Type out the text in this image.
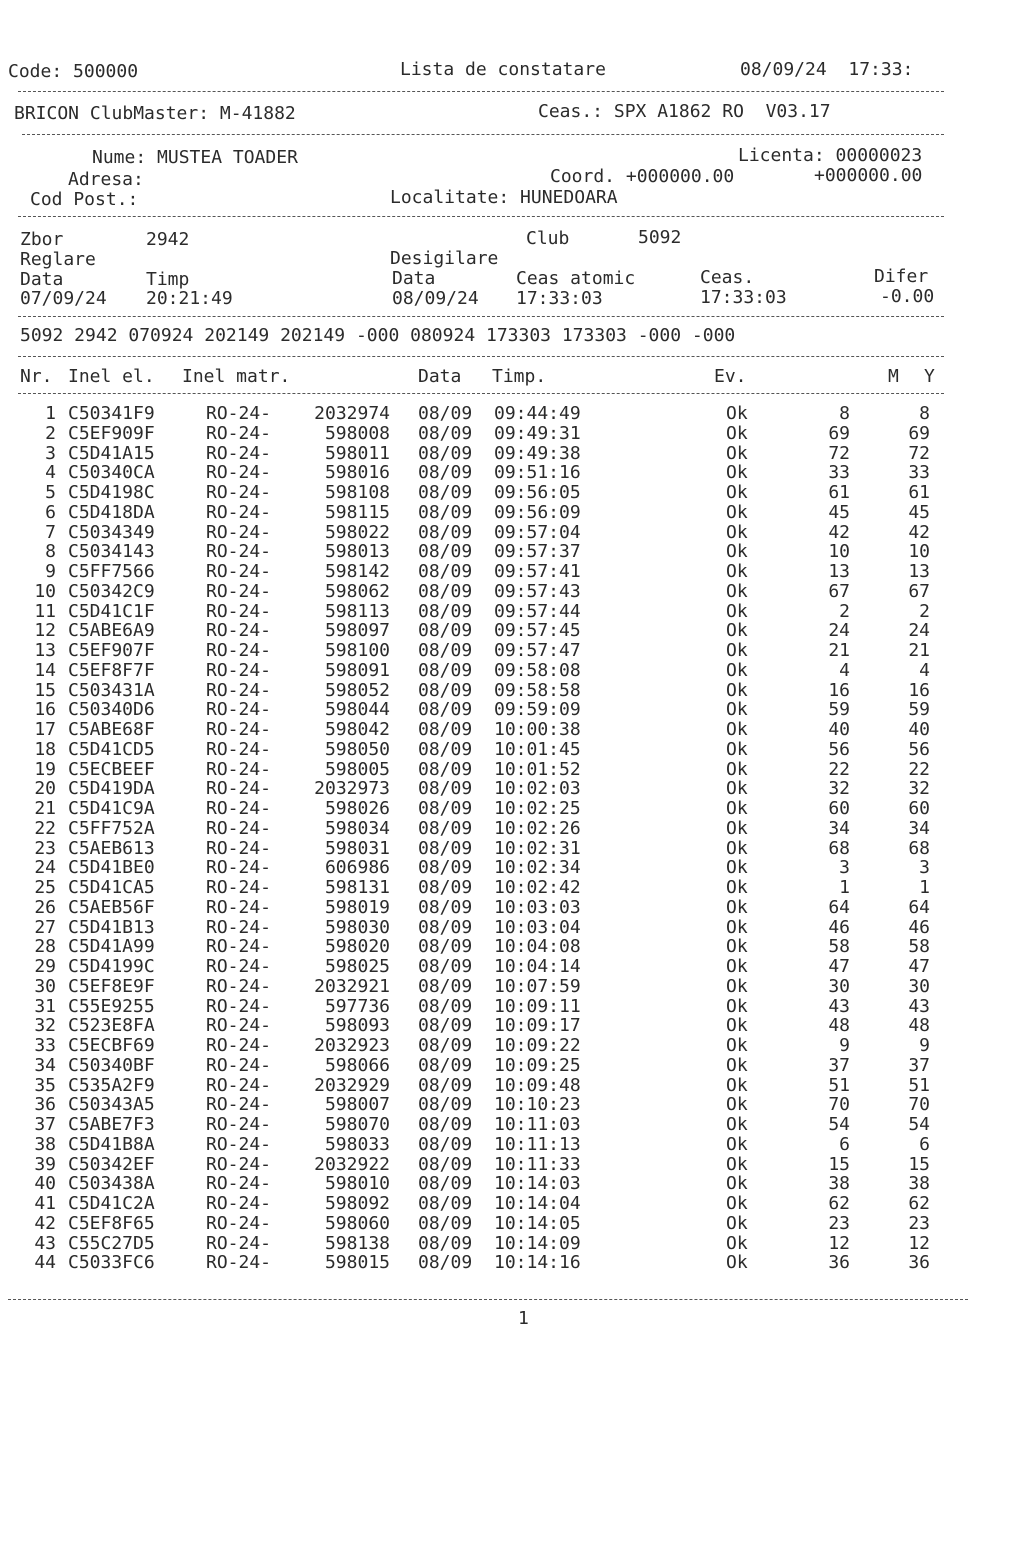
Code: 500000	Lista de constatare	08/09/24  17:33:
BRICON ClubMaster: M-41882	Ceas.: SPX A1862 RO  V03.17
Nume: MUSTEA TOADER	Licenta: 00000023
Adresa:	Coord. +000000.00	+000000.00
Cod Post.:	Localitate: HUNEDOARA
Zbor	2942	Club	5092
Reglare	Desigilare
Data	Timp	Data	Ceas atomic	Ceas.	Difer
07/09/24 20:21:49	08/09/24 17:33:03	17:33:03	-0.00
5092 2942 070924 202149 202149 -000 080924 173303 173303 -000 -000
Nr. Inel el. Inel matr.	Data Timp.	Ev.	M Y
1 C50341F9	RO-24-	2032974 08/09	09:44:49	Ok	8	8
2 C5EF909F	RO-24-	598008 08/09	09:49:31	Ok	69	69
3 C5D41A15	RO-24-	598011 08/09	09:49:38	Ok	72	72
4 C50340CA	RO-24-	598016 08/09	09:51:16	Ok	33	33
5 C5D4198C	RO-24-	598108 08/09	09:56:05	Ok	61	61
6 C5D418DA	RO-24-	598115 08/09	09:56:09	Ok	45	45
7 C5034349	RO-24-	598022 08/09	09:57:04	Ok	42	42
8 C5034143	RO-24-	598013 08/09	09:57:37	Ok	10	10
9 C5FF7566	RO-24-	598142 08/09	09:57:41	Ok	13	13
10 C50342C9	RO-24-	598062 08/09	09:57:43	Ok	67	67
11 C5D41C1F	RO-24-	598113 08/09	09:57:44	Ok	2	2
12 C5ABE6A9	RO-24-	598097 08/09	09:57:45	Ok	24	24
13 C5EF907F	RO-24-	598100 08/09	09:57:47	Ok	21	21
14 C5EF8F7F	RO-24-	598091 08/09	09:58:08	Ok	4	4
15 C503431A	RO-24-	598052 08/09	09:58:58	Ok	16	16
16 C50340D6	RO-24-	598044 08/09	09:59:09	Ok	59	59
17 C5ABE68F	RO-24-	598042 08/09	10:00:38	Ok	40	40
18 C5D41CD5	RO-24-	598050 08/09	10:01:45	Ok	56	56
19 C5ECBEEF	RO-24-	598005 08/09	10:01:52	Ok	22	22
20 C5D419DA	RO-24-	2032973 08/09	10:02:03	Ok	32	32
21 C5D41C9A	RO-24-	598026 08/09	10:02:25	Ok	60	60
22 C5FF752A	RO-24-	598034 08/09	10:02:26	Ok	34	34
23 C5AEB613	RO-24-	598031 08/09	10:02:31	Ok	68	68
24 C5D41BE0	RO-24-	606986 08/09	10:02:34	Ok	3	3
25 C5D41CA5	RO-24-	598131 08/09	10:02:42	Ok	1	1
26 C5AEB56F	RO-24-	598019 08/09	10:03:03	Ok	64	64
27 C5D41B13	RO-24-	598030 08/09	10:03:04	Ok	46	46
28 C5D41A99	RO-24-	598020 08/09	10:04:08	Ok	58	58
29 C5D4199C	RO-24-	598025 08/09	10:04:14	Ok	47	47
30 C5EF8E9F	RO-24-	2032921 08/09	10:07:59	Ok	30	30
31 C55E9255	RO-24-	597736 08/09	10:09:11	Ok	43	43
32 C523E8FA	RO-24-	598093 08/09	10:09:17	Ok	48	48
33 C5ECBF69	RO-24-	2032923 08/09	10:09:22	Ok	9	9
34 C50340BF	RO-24-	598066 08/09	10:09:25	Ok	37	37
35 C535A2F9	RO-24-	2032929 08/09	10:09:48	Ok	51	51
36 C50343A5	RO-24-	598007 08/09	10:10:23	Ok	70	70
37 C5ABE7F3	RO-24-	598070 08/09	10:11:03	Ok	54	54
38 C5D41B8A	RO-24-	598033 08/09	10:11:13	Ok	6	6
39 C50342EF	RO-24-	2032922 08/09	10:11:33	Ok	15	15
40 C503438A	RO-24-	598010 08/09	10:14:03	Ok	38	38
41 C5D41C2A	RO-24-	598092 08/09	10:14:04	Ok	62	62
42 C5EF8F65	RO-24-	598060 08/09	10:14:05	Ok	23	23
43 C55C27D5	RO-24-	598138 08/09	10:14:09	Ok	12	12
44 C5033FC6	RO-24-	598015 08/09	10:14:16	Ok	36	36
1
